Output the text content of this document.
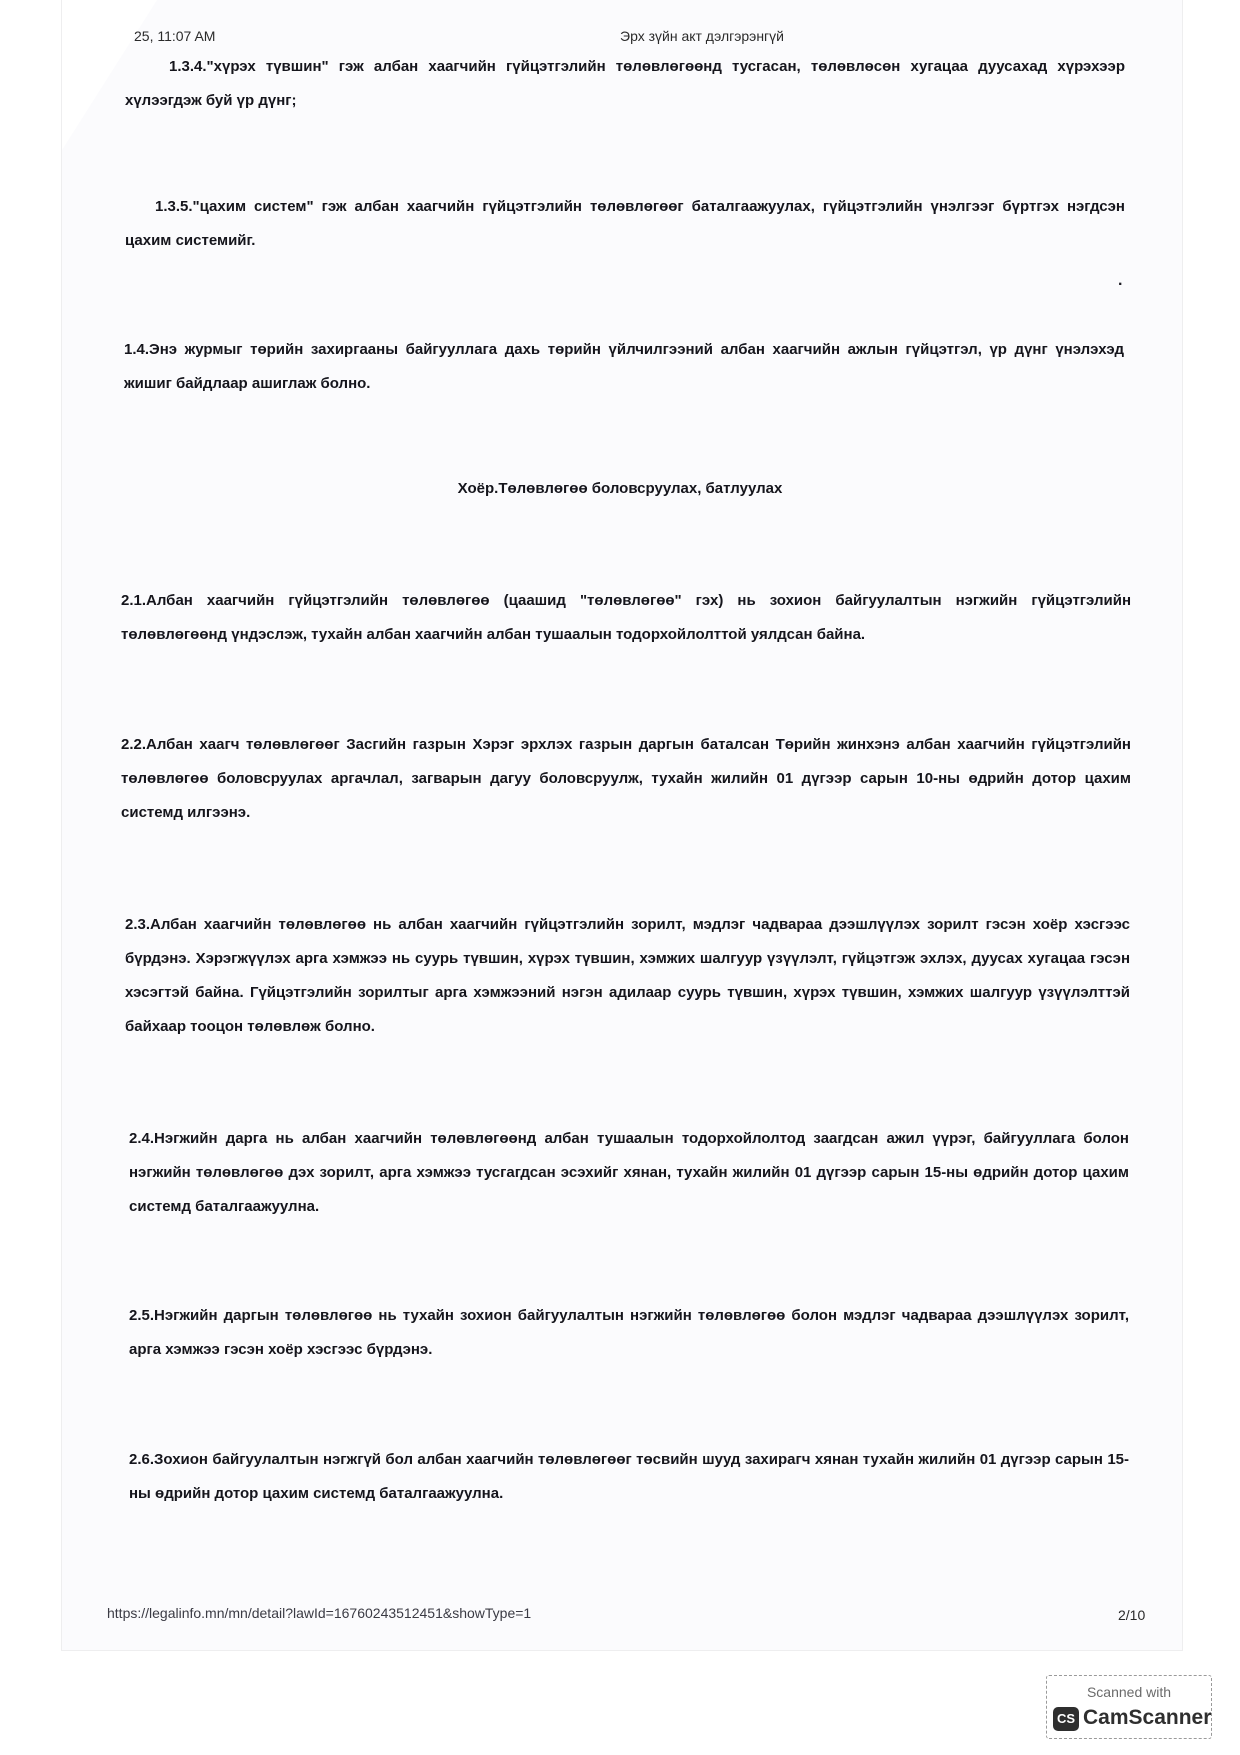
25, 11:07 AM	Эрх зүйн акт дэлгэрэнгүй

1.3.4."хүрэх түвшин" гэж албан хаагчийн гүйцэтгэлийн төлөвлөгөөнд тусгасан, төлөвлөсөн хугацаа дуусахад хүрэхээр хүлээгдэж буй үр дүнг;

1.3.5."цахим систем" гэж албан хаагчийн гүйцэтгэлийн төлөвлөгөөг баталгаажуулах, гүйцэтгэлийн үнэлгээг бүртгэх нэгдсэн цахим системийг.

.

1.4.Энэ журмыг төрийн захиргааны байгууллага дахь төрийн үйлчилгээний албан хаагчийн ажлын гүйцэтгэл, үр дүнг үнэлэхэд жишиг байдлаар ашиглаж болно.

Хоёр.Төлөвлөгөө боловсруулах, батлуулах

2.1.Албан хаагчийн гүйцэтгэлийн төлөвлөгөө (цаашид "төлөвлөгөө" гэх) нь зохион байгуулалтын нэгжийн гүйцэтгэлийн төлөвлөгөөнд үндэслэж, тухайн албан хаагчийн албан тушаалын тодорхойлолттой уялдсан байна.

2.2.Албан хаагч төлөвлөгөөг Засгийн газрын Хэрэг эрхлэх газрын даргын баталсан Төрийн жинхэнэ албан хаагчийн гүйцэтгэлийн төлөвлөгөө боловсруулах аргачлал, загварын дагуу боловсруулж, тухайн жилийн 01 дүгээр сарын 10-ны өдрийн дотор цахим системд илгээнэ.

2.3.Албан хаагчийн төлөвлөгөө нь албан хаагчийн гүйцэтгэлийн зорилт, мэдлэг чадвараа дээшлүүлэх зорилт гэсэн хоёр хэсгээс бүрдэнэ. Хэрэгжүүлэх арга хэмжээ нь суурь түвшин, хүрэх түвшин, хэмжих шалгуур үзүүлэлт, гүйцэтгэж эхлэх, дуусах хугацаа гэсэн хэсэгтэй байна. Гүйцэтгэлийн зорилтыг арга хэмжээний нэгэн адилаар суурь түвшин, хүрэх түвшин, хэмжих шалгуур үзүүлэлттэй байхаар тооцон төлөвлөж болно.

2.4.Нэгжийн дарга нь албан хаагчийн төлөвлөгөөнд албан тушаалын тодорхойлолтод заагдсан ажил үүрэг, байгууллага болон нэгжийн төлөвлөгөө дэх зорилт, арга хэмжээ тусгагдсан эсэхийг хянан, тухайн жилийн 01 дүгээр сарын 15-ны өдрийн дотор цахим системд баталгаажуулна.

2.5.Нэгжийн даргын төлөвлөгөө нь тухайн зохион байгуулалтын нэгжийн төлөвлөгөө болон мэдлэг чадвараа дээшлүүлэх зорилт, арга хэмжээ гэсэн хоёр хэсгээс бүрдэнэ.

2.6.Зохион байгуулалтын нэгжгүй бол албан хаагчийн төлөвлөгөөг төсвийн шууд захирагч хянан тухайн жилийн 01 дүгээр сарын 15-ны өдрийн дотор цахим системд баталгаажуулна.

https://legalinfo.mn/mn/detail?lawId=16760243512451&showType=1	2/10
Scanned with
CS CamScanner
